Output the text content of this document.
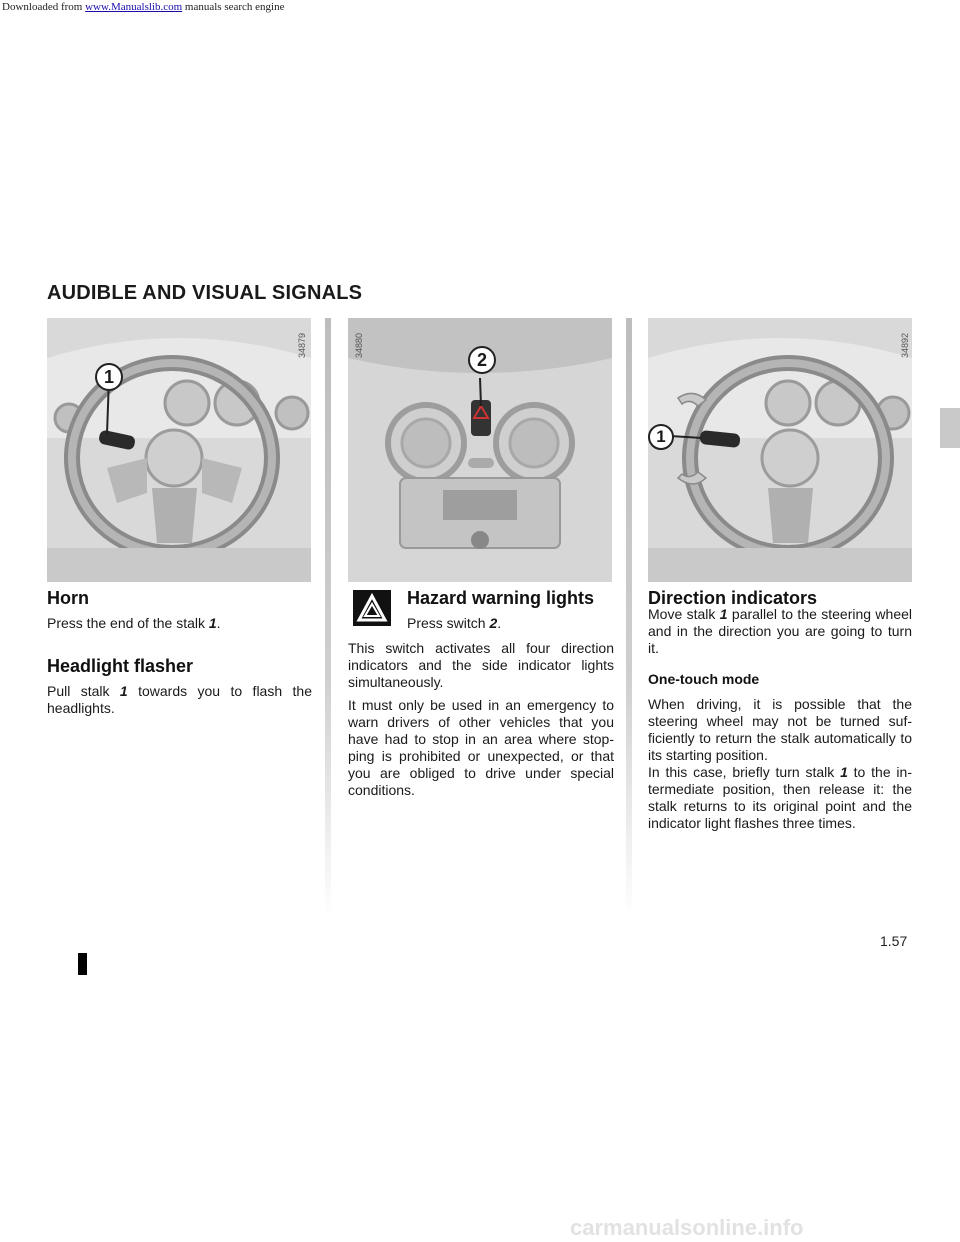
Downloaded from www.Manualslib.com manuals search engine
AUDIBLE AND VISUAL SIGNALS
1
34879
2
34880
1
34892
Horn
Press the end of the stalk 1.
Headlight flasher
Pull stalk 1 towards you to flash the headlights.
Hazard warning lights
Press switch 2.
This switch activates all four direction indicators and the side indicator lights simultaneously.
It must only be used in an emergency to warn drivers of other vehicles that you have had to stop in an area where stop-ping is prohibited or unexpected, or that you are obliged to drive under special conditions.
Direction indicators
Move stalk 1 parallel to the steering wheel and in the direction you are going to turn it.
One-touch mode
When driving, it is possible that the steering wheel may not be turned suf-ficiently to return the stalk automatically to its starting position.
In this case, briefly turn stalk 1 to the in-termediate position, then release it: the stalk returns to its original point and the indicator light flashes three times.
1.57
carmanualsonline.info
